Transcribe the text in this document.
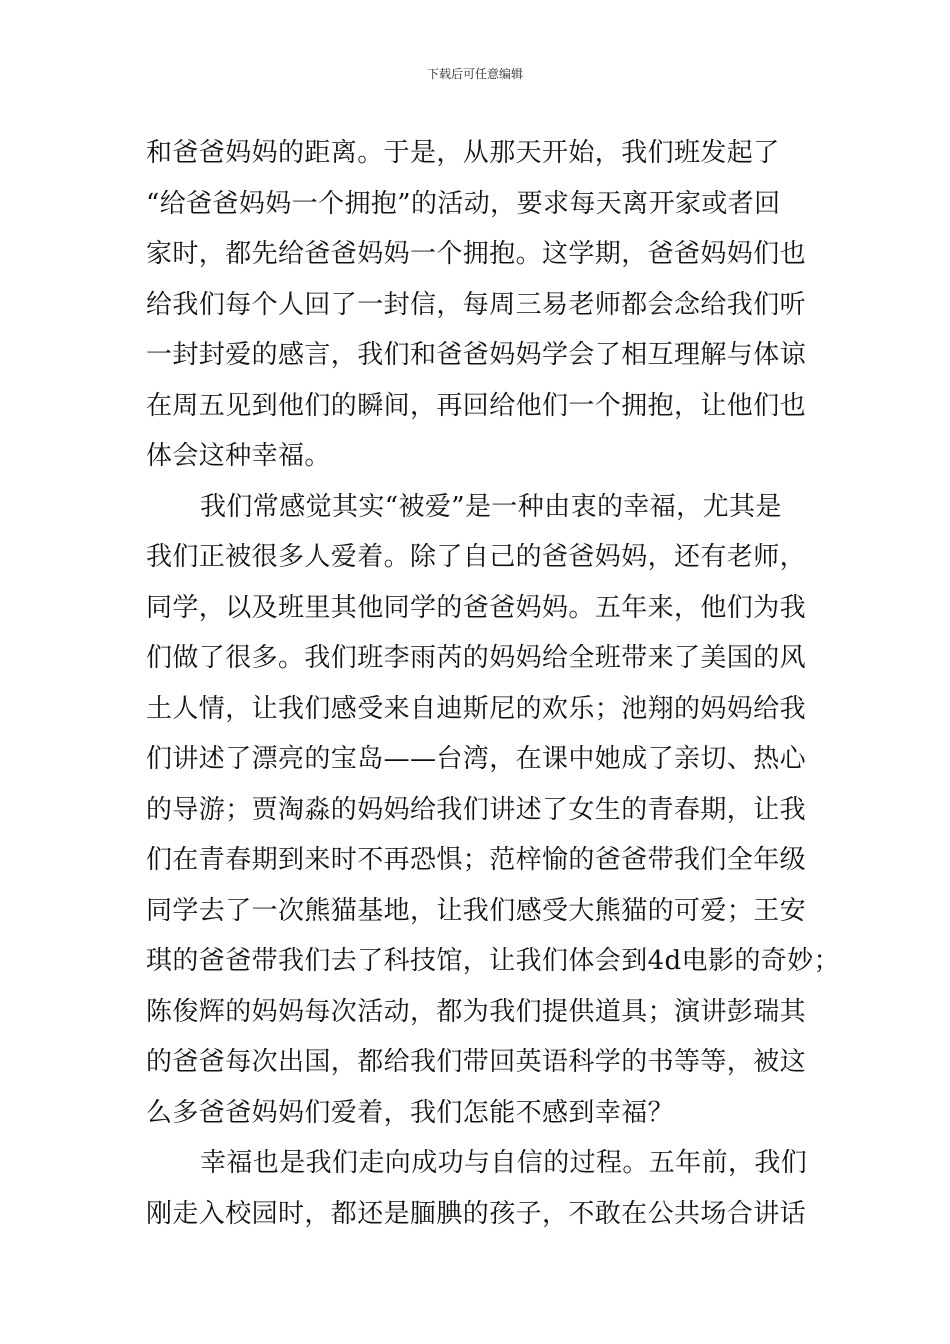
下载后可任意编辑
和爸爸妈妈的距离。于是，从那天开始，我们班发起了
“给爸爸妈妈一个拥抱”的活动，要求每天离开家或者回
家时，都先给爸爸妈妈一个拥抱。这学期，爸爸妈妈们也
给我们每个人回了一封信，每周三易老师都会念给我们听
一封封爱的感言，我们和爸爸妈妈学会了相互理解与体谅
在周五见到他们的瞬间，再回给他们一个拥抱，让他们也
体会这种幸福。
我们常感觉其实“被爱”是一种由衷的幸福，尤其是
我们正被很多人爱着。除了自己的爸爸妈妈，还有老师，
同学，以及班里其他同学的爸爸妈妈。五年来，他们为我
们做了很多。我们班李雨芮的妈妈给全班带来了美国的风
土人情，让我们感受来自迪斯尼的欢乐；池翔的妈妈给我
们讲述了漂亮的宝岛——台湾，在课中她成了亲切、热心
的导游；贾淘淼的妈妈给我们讲述了女生的青春期，让我
们在青春期到来时不再恐惧；范梓愉的爸爸带我们全年级
同学去了一次熊猫基地，让我们感受大熊猫的可爱；王安
琪的爸爸带我们去了科技馆，让我们体会到4d电影的奇妙；
陈俊辉的妈妈每次活动，都为我们提供道具；演讲彭瑞其
的爸爸每次出国，都给我们带回英语科学的书等等，被这
么多爸爸妈妈们爱着，我们怎能不感到幸福？
幸福也是我们走向成功与自信的过程。五年前，我们
刚走入校园时，都还是腼腆的孩子，不敢在公共场合讲话
